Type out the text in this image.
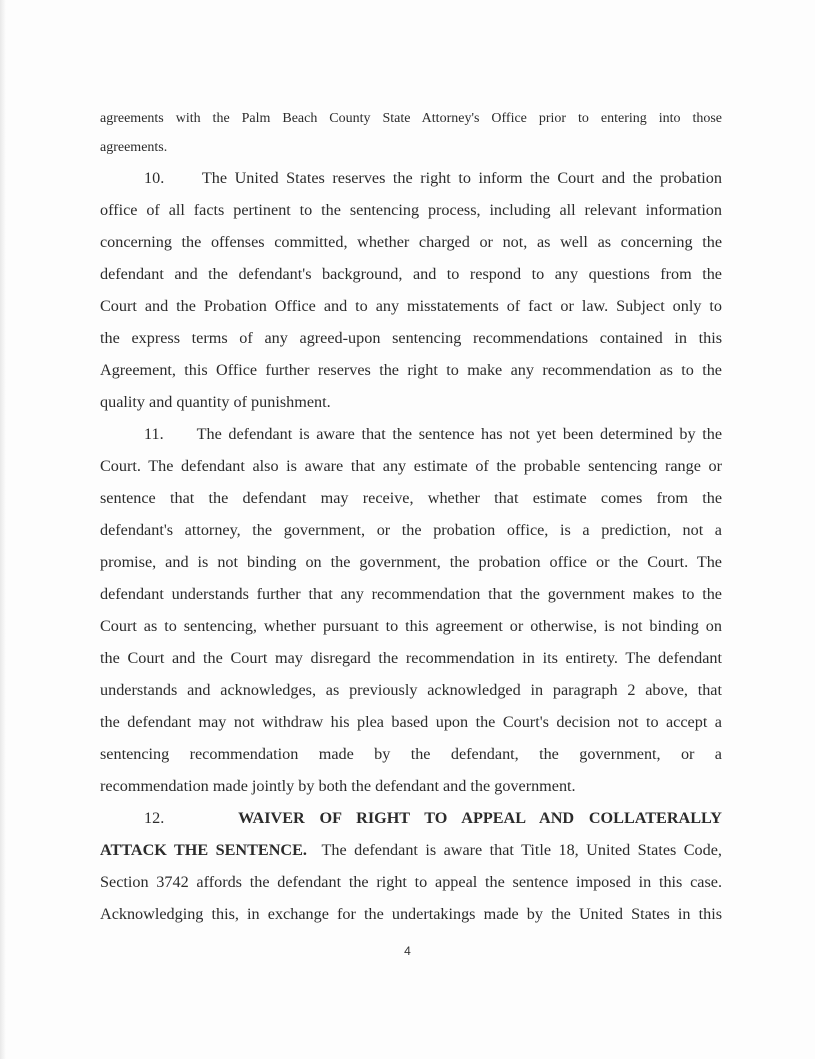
agreements with the Palm Beach County State Attorney's Office prior to entering into those
agreements.
10. The United States reserves the right to inform the Court and the probation
office of all facts pertinent to the sentencing process, including all relevant information
concerning the offenses committed, whether charged or not, as well as concerning the
defendant and the defendant's background, and to respond to any questions from the
Court and the Probation Office and to any misstatements of fact or law. Subject only to
the express terms of any agreed-upon sentencing recommendations contained in this
Agreement, this Office further reserves the right to make any recommendation as to the
quality and quantity of punishment.
11. The defendant is aware that the sentence has not yet been determined by the
Court. The defendant also is aware that any estimate of the probable sentencing range or
sentence that the defendant may receive, whether that estimate comes from the
defendant's attorney, the government, or the probation office, is a prediction, not a
promise, and is not binding on the government, the probation office or the Court. The
defendant understands further that any recommendation that the government makes to the
Court as to sentencing, whether pursuant to this agreement or otherwise, is not binding on
the Court and the Court may disregard the recommendation in its entirety. The defendant
understands and acknowledges, as previously acknowledged in paragraph 2 above, that
the defendant may not withdraw his plea based upon the Court's decision not to accept a
sentencing recommendation made by the defendant, the government, or a
recommendation made jointly by both the defendant and the government.
12.	WAIVER OF RIGHT TO APPEAL AND COLLATERALLY
ATTACK THE SENTENCE. The defendant is aware that Title 18, United States Code,
Section 3742 affords the defendant the right to appeal the sentence imposed in this case.
Acknowledging this, in exchange for the undertakings made by the United States in this
4
